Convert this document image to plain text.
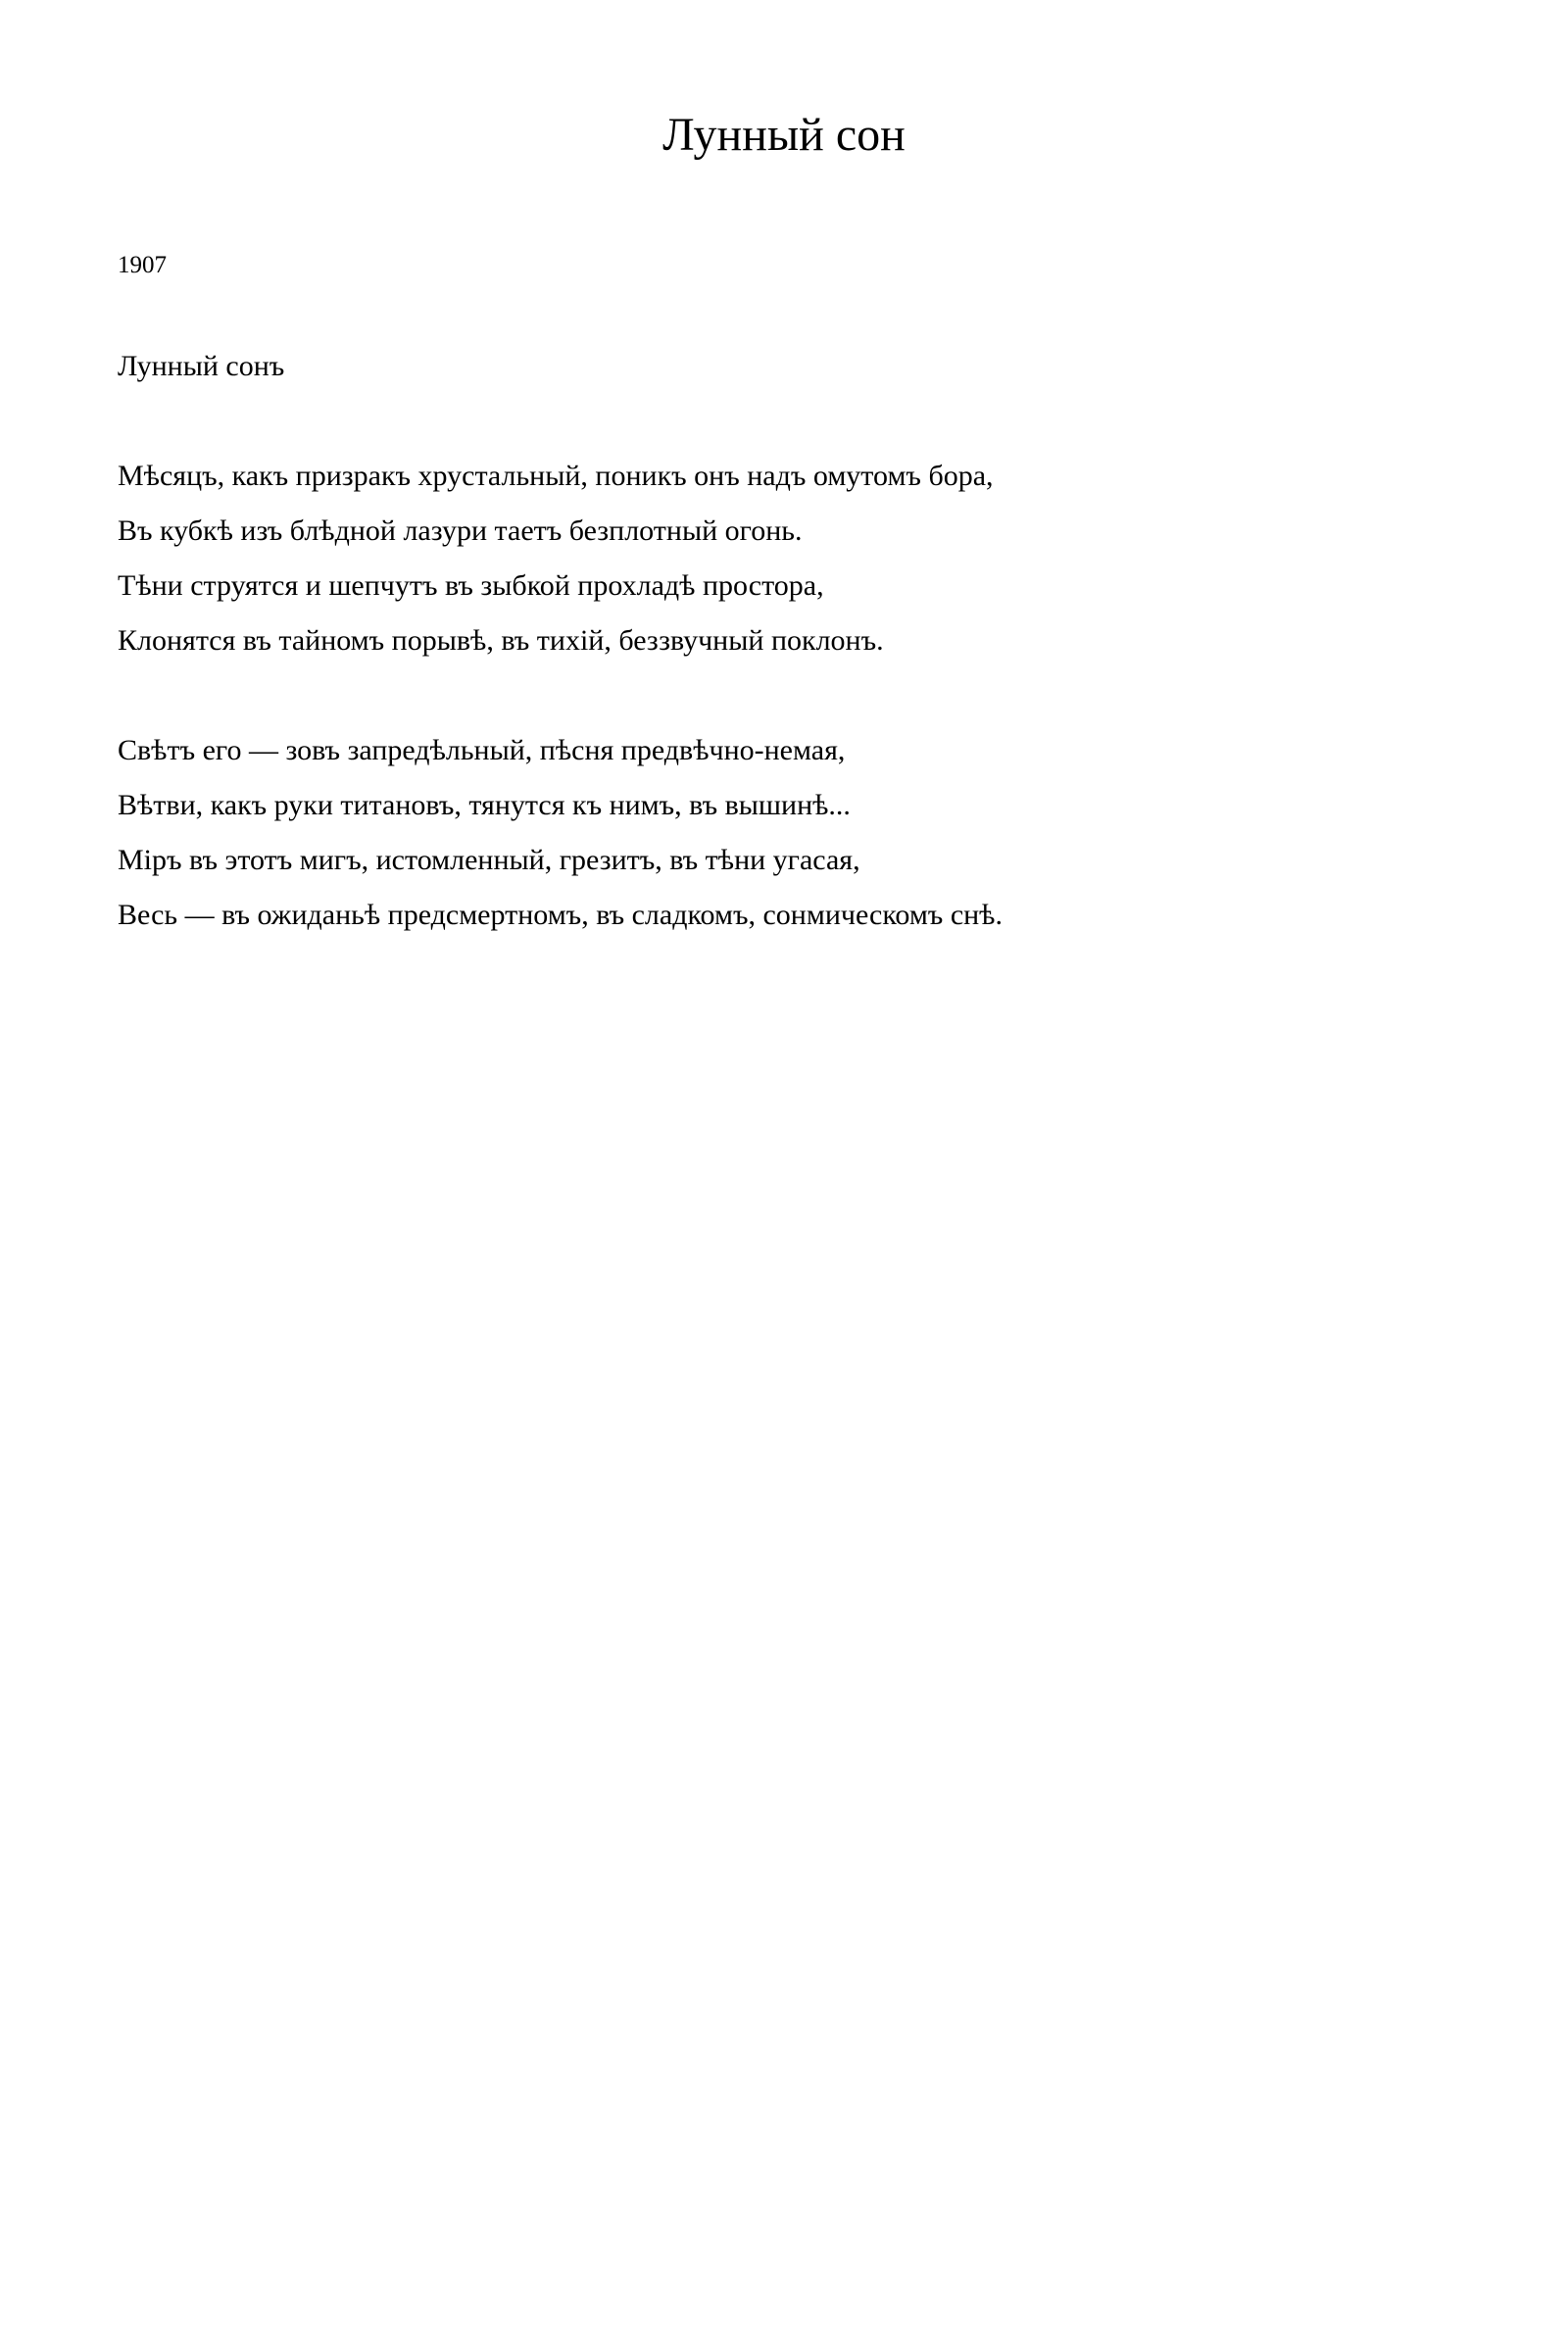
Лунный сон
1907
Лунный сонъ
Мѣсяцъ, какъ призракъ хрустальный, поникъ онъ надъ омутомъ бора,
Въ кубкѣ изъ блѣдной лазури таетъ безплотный огонь.
Тѣни струятся и шепчутъ въ зыбкой прохладѣ простора,
Клонятся въ тайномъ порывѣ, въ тихій, беззвучный поклонъ.
Свѣтъ его — зовъ запредѣльный, пѣсня предвѣчно-немая,
Вѣтви, какъ руки титановъ, тянутся къ нимъ, въ вышинѣ...
Міръ въ этотъ мигъ, истомленный, грезитъ, въ тѣни угасая,
Весь — въ ожиданьѣ предсмертномъ, въ сладкомъ, сонмическомъ снѣ.
